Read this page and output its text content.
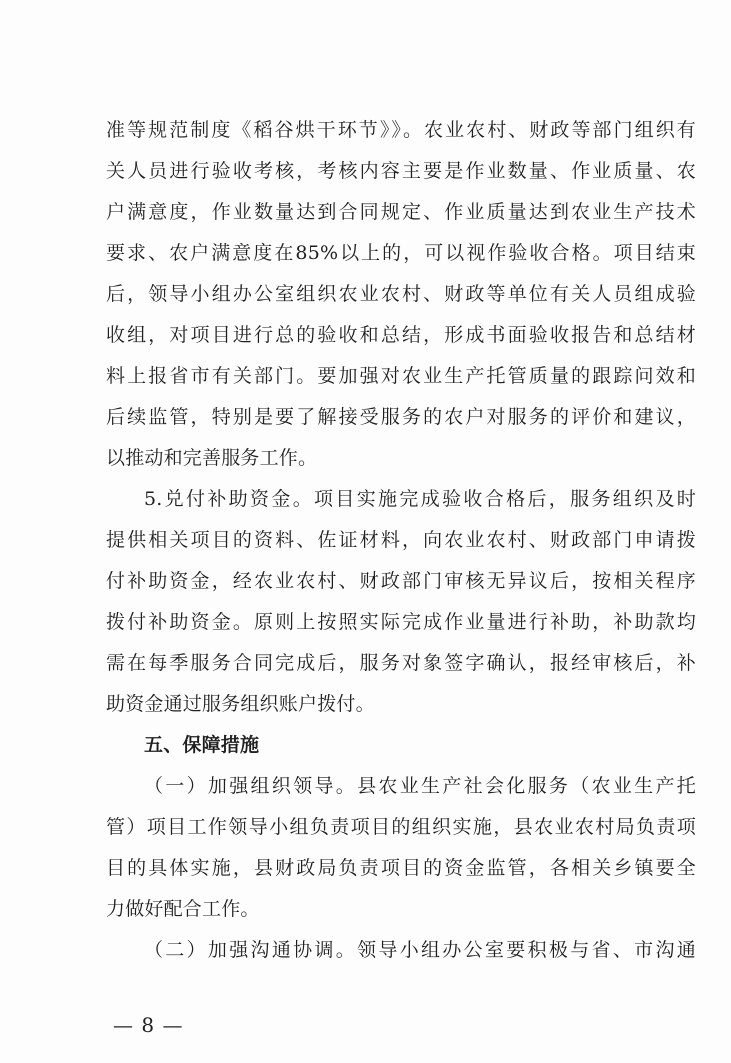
准等规范制度《稻谷烘干环节》》。农业农村、财政等部门组织有
关人员进行验收考核，考核内容主要是作业数量、作业质量、农
户满意度，作业数量达到合同规定、作业质量达到农业生产技术
要求、农户满意度在85%以上的，可以视作验收合格。项目结束
后，领导小组办公室组织农业农村、财政等单位有关人员组成验
收组，对项目进行总的验收和总结，形成书面验收报告和总结材
料上报省市有关部门。要加强对农业生产托管质量的跟踪问效和
后续监管，特别是要了解接受服务的农户对服务的评价和建议，
以推动和完善服务工作。
5.兑付补助资金。项目实施完成验收合格后，服务组织及时
提供相关项目的资料、佐证材料，向农业农村、财政部门申请拨
付补助资金，经农业农村、财政部门审核无异议后，按相关程序
拨付补助资金。原则上按照实际完成作业量进行补助，补助款均
需在每季服务合同完成后，服务对象签字确认，报经审核后，补
助资金通过服务组织账户拨付。
五、保障措施
（一）加强组织领导。县农业生产社会化服务（农业生产托
管）项目工作领导小组负责项目的组织实施，县农业农村局负责项
目的具体实施，县财政局负责项目的资金监管，各相关乡镇要全
力做好配合工作。
（二）加强沟通协调。领导小组办公室要积极与省、市沟通
— 8 —
